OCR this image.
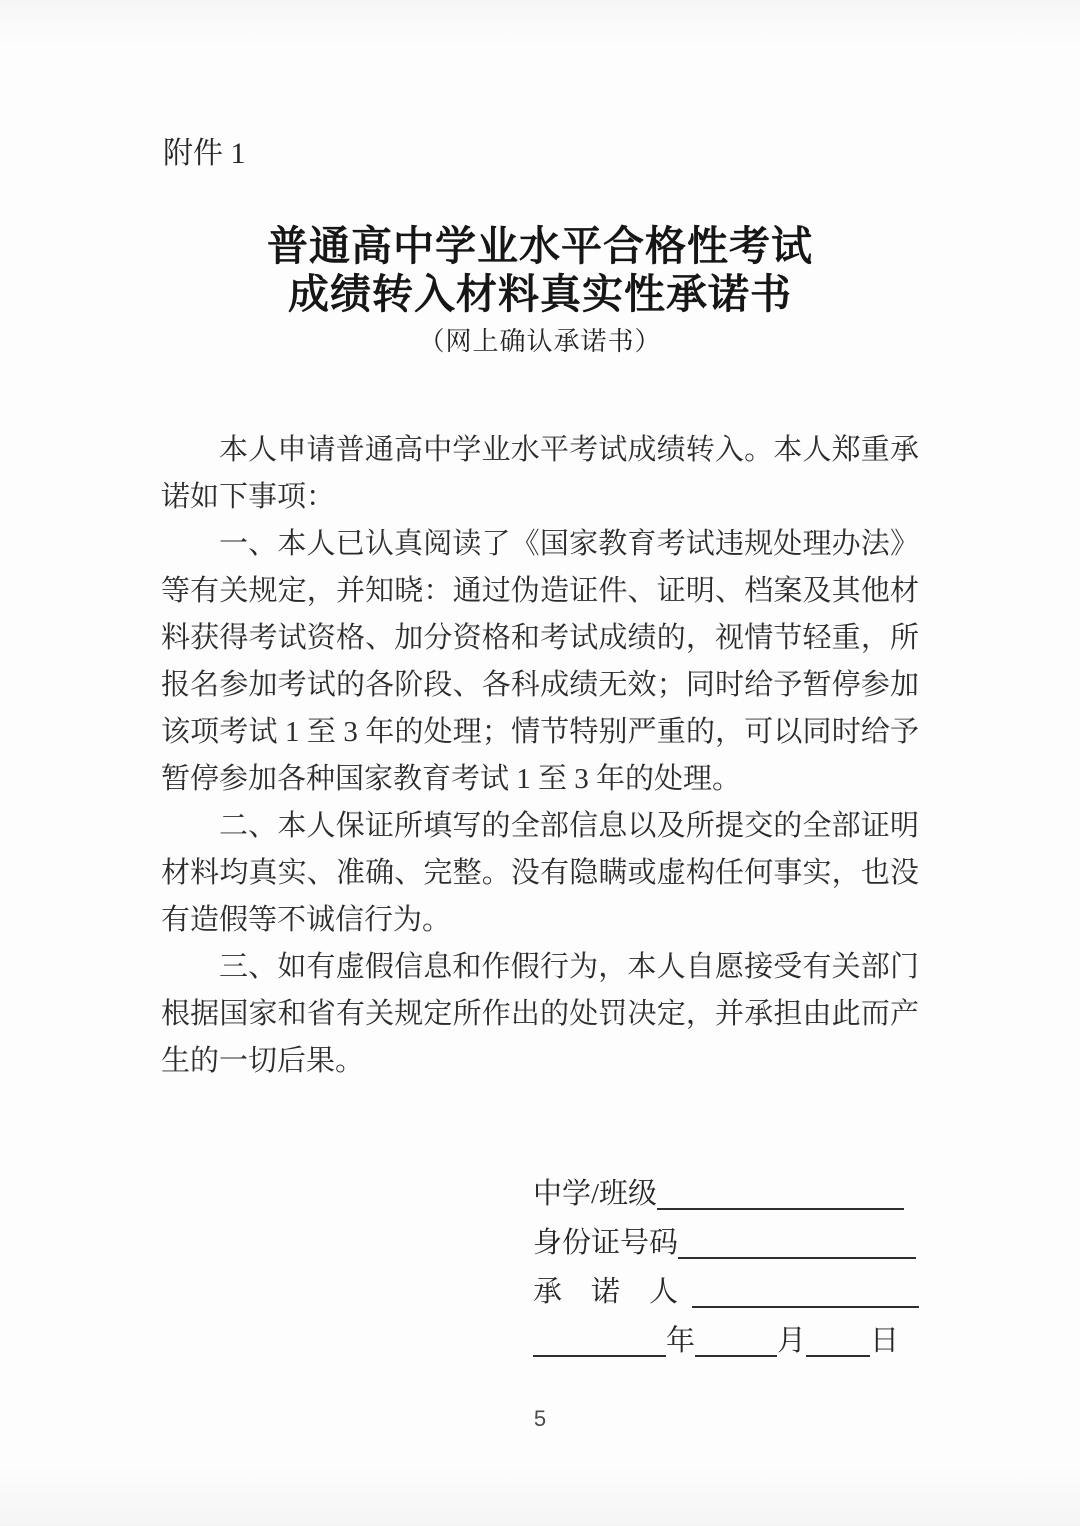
附件 1
普通高中学业水平合格性考试
成绩转入材料真实性承诺书
（网上确认承诺书）
本人申请普通高中学业水平考试成绩转入。本人郑重承
诺如下事项：
一、本人已认真阅读了《国家教育考试违规处理办法》
等有关规定，并知晓：通过伪造证件、证明、档案及其他材
料获得考试资格、加分资格和考试成绩的，视情节轻重，所
报名参加考试的各阶段、各科成绩无效；同时给予暂停参加
该项考试 1 至 3 年的处理；情节特别严重的，可以同时给予
暂停参加各种国家教育考试 1 至 3 年的处理。
二、本人保证所填写的全部信息以及所提交的全部证明
材料均真实、准确、完整。没有隐瞒或虚构任何事实，也没
有造假等不诚信行为。
三、如有虚假信息和作假行为，本人自愿接受有关部门
根据国家和省有关规定所作出的处罚决定，并承担由此而产
生的一切后果。
中学/班级
身份证号码
承　诺　人
年	月 日
5
